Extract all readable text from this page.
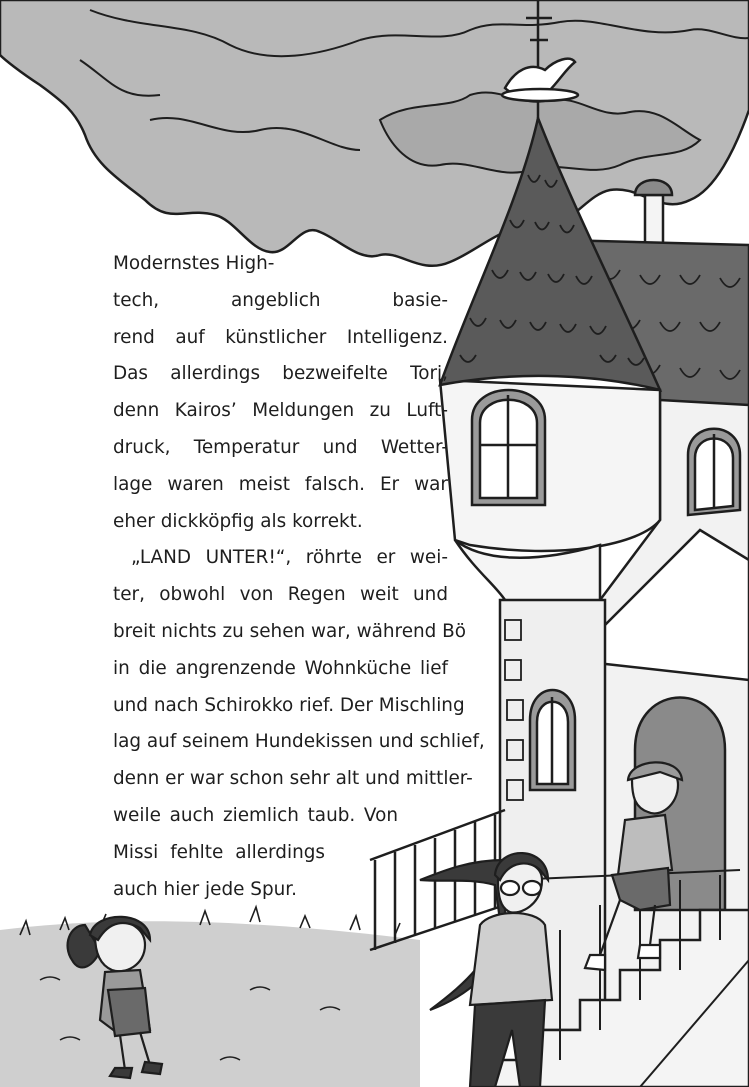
Modernstes High-
tech, angeblich basie-
rend auf künstlicher Intelligenz.
Das allerdings bezweifelte Tori,
denn Kairos’ Meldungen zu Luft-
druck, Temperatur und Wetter-
lage waren meist falsch. Er war
eher dickköpfig als korrekt.
„LAND UNTER!“, röhrte er wei-
ter, obwohl von Regen weit und
breit nichts zu sehen war, während Bö
in die angrenzende Wohnküche lief
und nach Schirokko rief. Der Mischling
lag auf seinem Hundekissen und schlief,
denn er war schon sehr alt und mittler-
weile auch ziemlich taub. Von
Missi fehlte allerdings
auch hier jede Spur.
